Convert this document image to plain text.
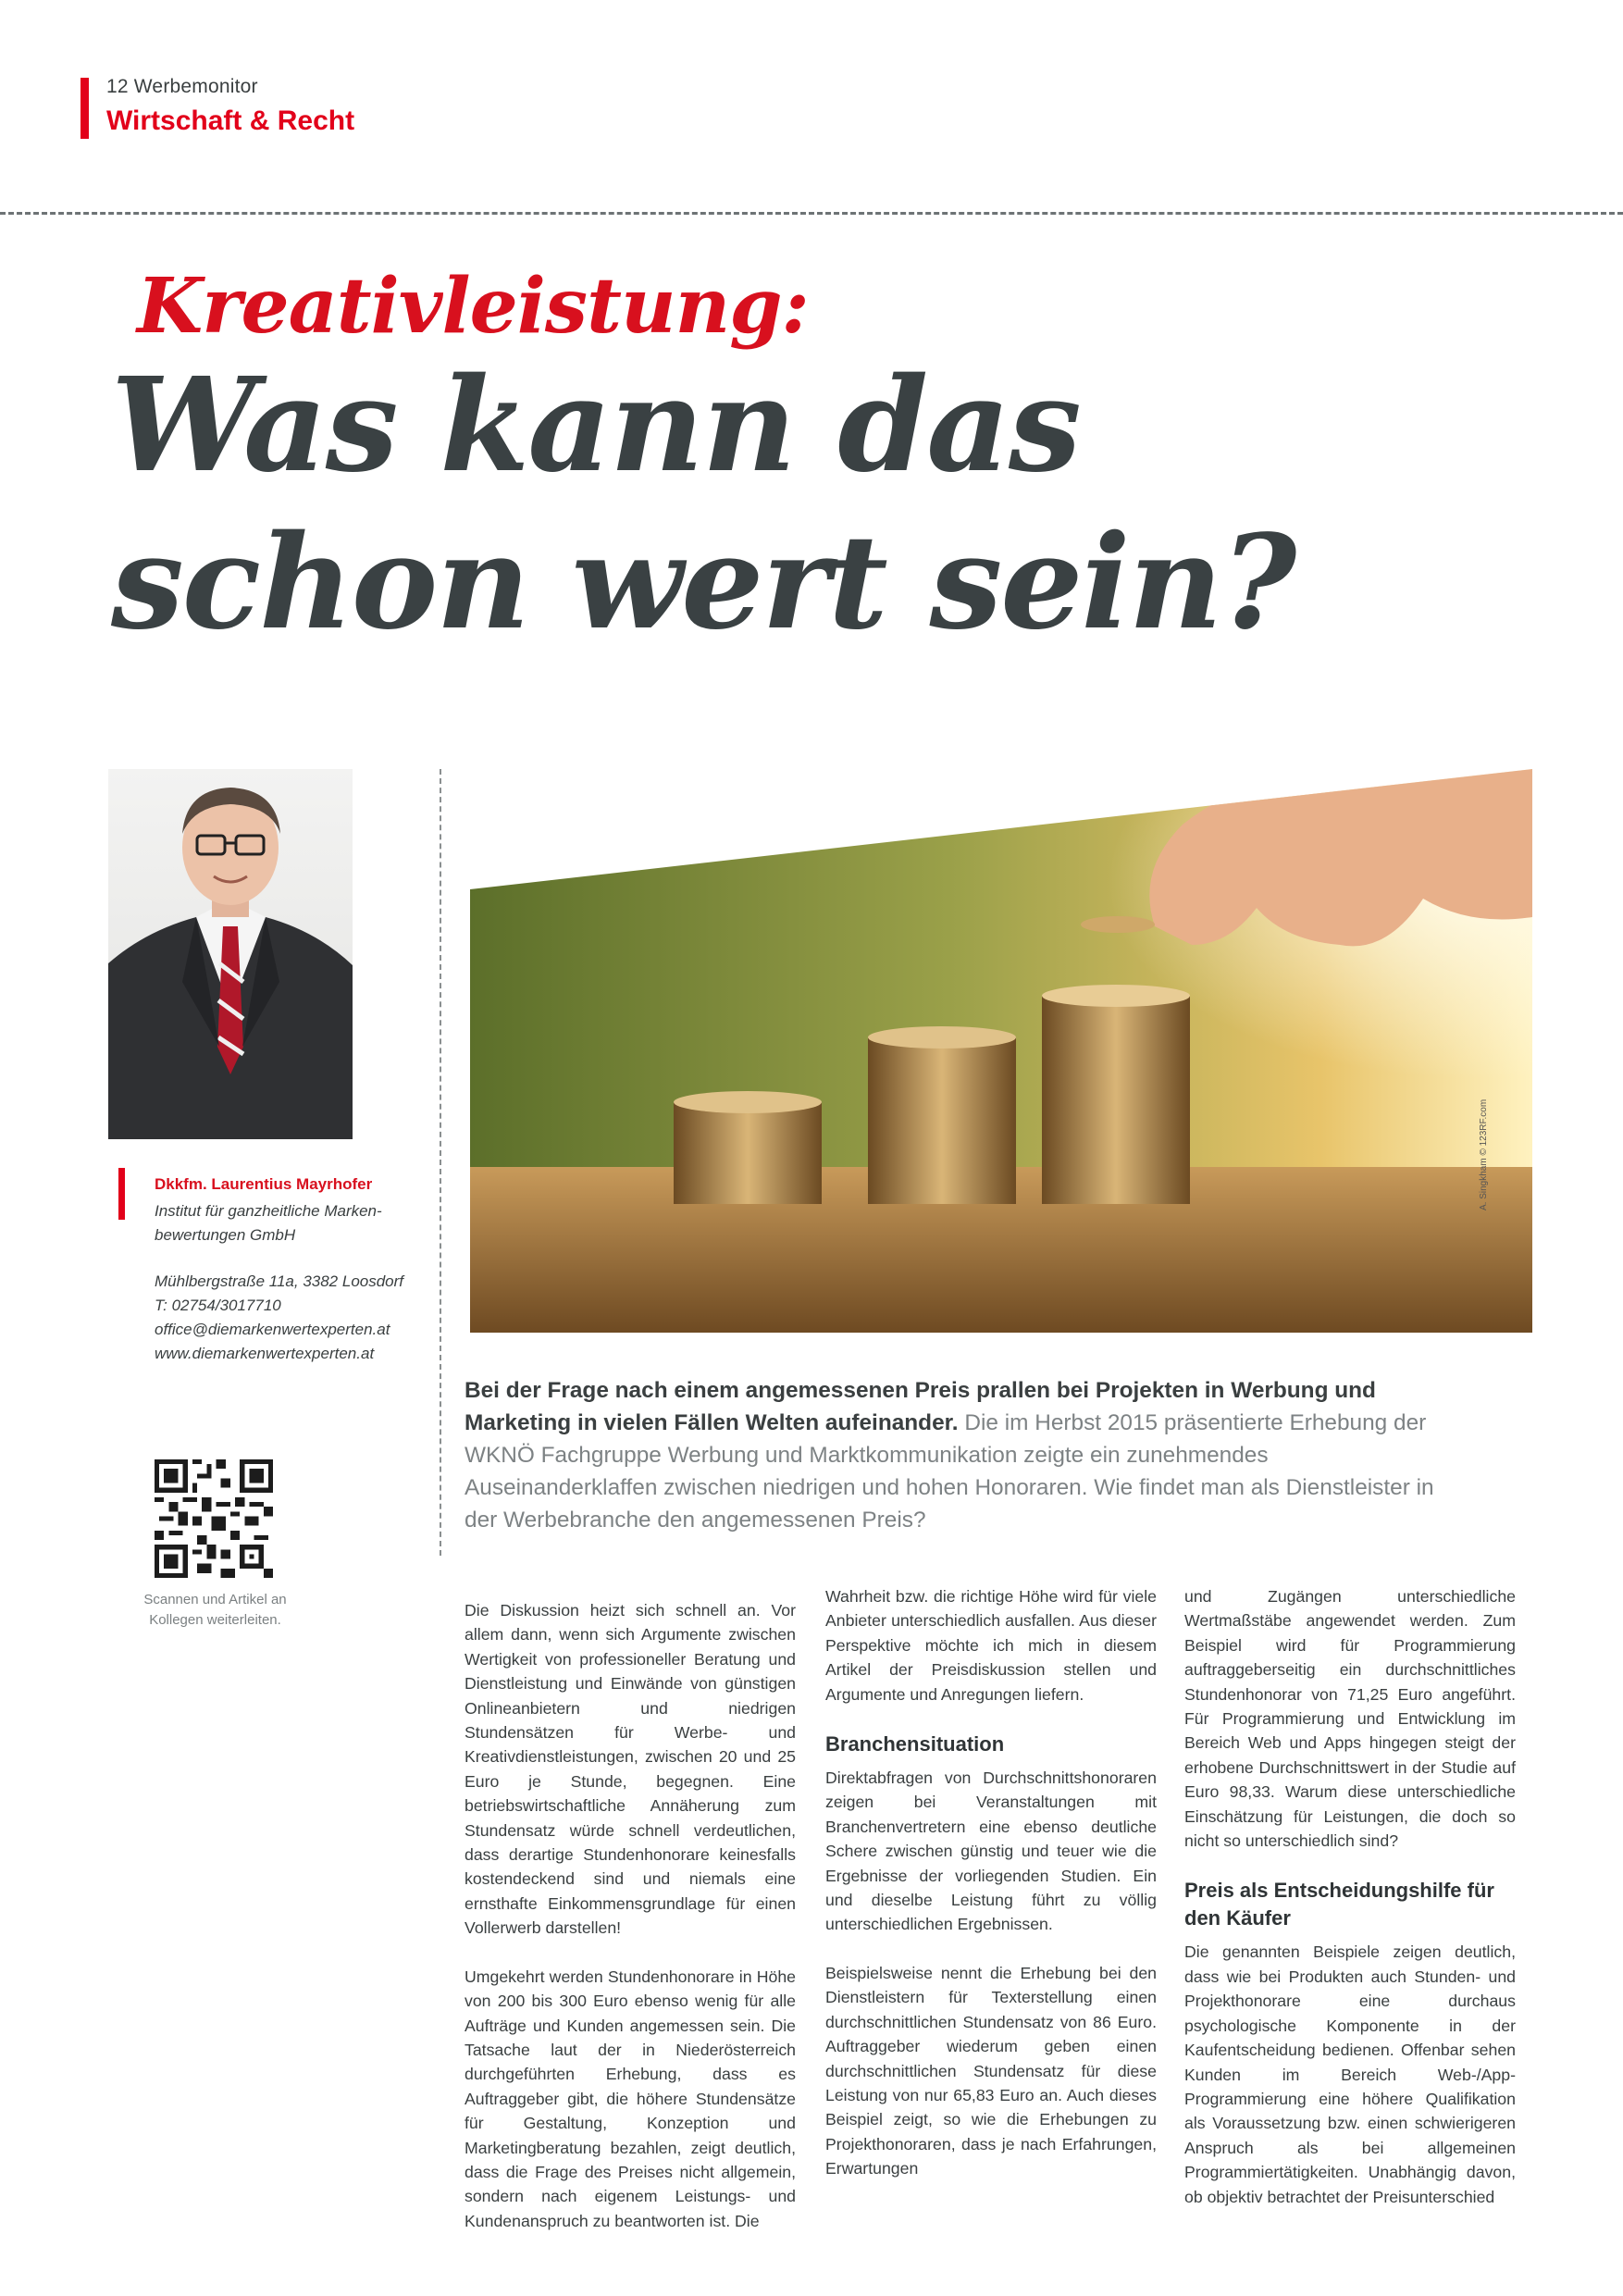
12 Werbemonitor
Wirtschaft & Recht
Kreativleistung:
Was kann das
schon wert sein?
Dkkfm. Laurentius Mayrhofer
Institut für ganzheitliche Marken-
bewertungen GmbH
Mühlbergstraße 11a, 3382 Loosdorf
T: 02754/3017710
office@diemarkenwertexperten.at
www.diemarkenwertexperten.at
Scannen und Artikel an
Kollegen weiterleiten.
A. Singkham © 123RF.com
Bei der Frage nach einem angemessenen Preis prallen bei Projekten in Werbung und Marketing in vielen Fällen Welten aufeinander. Die im Herbst 2015 präsentierte Erhebung der WKNÖ Fachgruppe Werbung und Marktkommunikation zeigte ein zunehmendes Auseinanderklaffen zwischen niedrigen und hohen Honoraren. Wie findet man als Dienstleister in der Werbebranche den angemessenen Preis?

Die Diskussion heizt sich schnell an. Vor allem dann, wenn sich Argumente zwischen Wertigkeit von professioneller Beratung und Dienstleistung und Einwände von günstigen Onlineanbietern und niedrigen Stundensätzen für Werbe- und Kreativdienstleistungen, zwischen 20 und 25 Euro je Stunde, begegnen. Eine betriebswirtschaftliche Annäherung zum Stundensatz würde schnell verdeutlichen, dass derartige Stundenhonorare keinesfalls kostendeckend sind und niemals eine ernsthafte Einkommensgrundlage für einen Vollerwerb darstellen!

Umgekehrt werden Stundenhonorare in Höhe von 200 bis 300 Euro ebenso wenig für alle Aufträge und Kunden angemessen sein. Die Tatsache laut der in Niederösterreich durchgeführten Erhebung, dass es Auftraggeber gibt, die höhere Stundensätze für Gestaltung, Konzeption und Marketingberatung bezahlen, zeigt deutlich, dass die Frage des Preises nicht allgemein, sondern nach eigenem Leistungs- und Kundenanspruch zu beantworten ist. Die

Wahrheit bzw. die richtige Höhe wird für viele Anbieter unterschiedlich ausfallen. Aus dieser Perspektive möchte ich mich in diesem Artikel der Preisdiskussion stellen und Argumente und Anregungen liefern.

Branchensituation

Direktabfragen von Durchschnittshonoraren zeigen bei Veranstaltungen mit Branchenvertretern eine ebenso deutliche Schere zwischen günstig und teuer wie die Ergebnisse der vorliegenden Studien. Ein und dieselbe Leistung führt zu völlig unterschiedlichen Ergebnissen.

Beispielsweise nennt die Erhebung bei den Dienstleistern für Texterstellung einen durchschnittlichen Stundensatz von 86 Euro. Auftraggeber wiederum geben einen durchschnittlichen Stundensatz für diese Leistung von nur 65,83 Euro an. Auch dieses Beispiel zeigt, so wie die Erhebungen zu Projekthonoraren, dass je nach Erfahrungen, Erwartungen

und Zugängen unterschiedliche Wertmaßstäbe angewendet werden. Zum Beispiel wird für Programmierung auftraggeberseitig ein durchschnittliches Stundenhonorar von 71,25 Euro angeführt. Für Programmierung und Entwicklung im Bereich Web und Apps hingegen steigt der erhobene Durchschnittswert in der Studie auf Euro 98,33. Warum diese unterschiedliche Einschätzung für Leistungen, die doch so nicht so unterschiedlich sind?

Preis als Entscheidungshilfe für den Käufer

Die genannten Beispiele zeigen deutlich, dass wie bei Produkten auch Stunden- und Projekthonorare eine durchaus psychologische Komponente in der Kaufentscheidung bedienen. Offenbar sehen Kunden im Bereich Web-/App-Programmierung eine höhere Qualifikation als Voraussetzung bzw. einen schwierigeren Anspruch als bei allgemeinen Programmiertätigkeiten. Unabhängig davon, ob objektiv betrachtet der Preisunterschied
